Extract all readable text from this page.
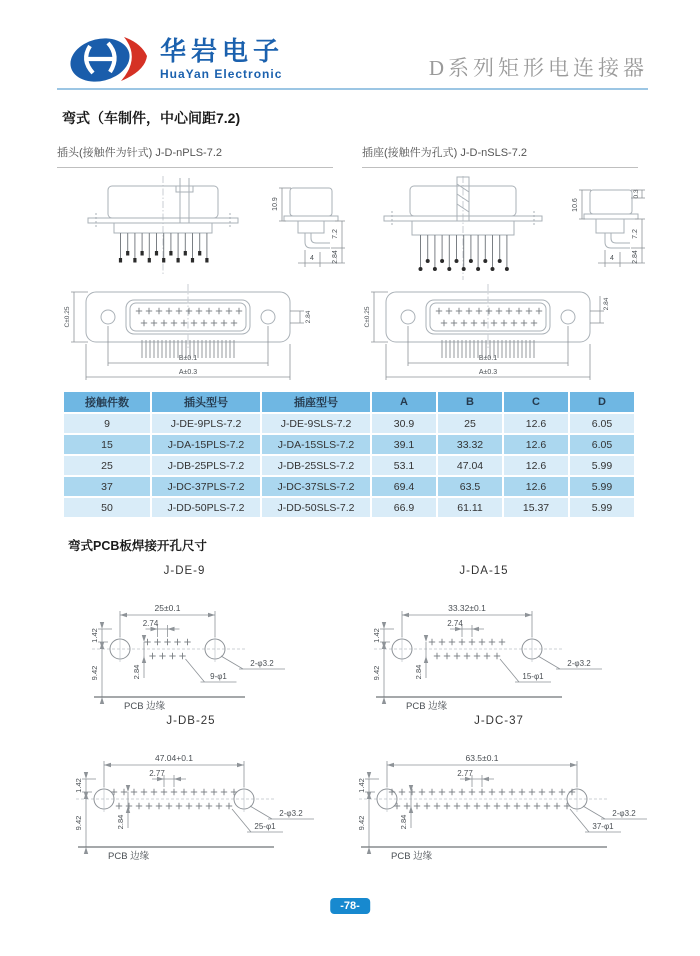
华岩电子
HuaYan Electronic	D系列矩形电连接器
弯式（车制件，中心间距7.2)
插头(接触件为针式) J-D-nPLS-7.2	插座(接触件为孔式) J-D-nSLS-7.2
10.9
7.2
4	2.84
C±0.25	2.84
B±0.1
A±0.3
10.6
0.3
7.2
4	2.84
C±0.25
2.84
B±0.1
A±0.3
接触件数	插头型号	插座型号	A	B	C	D
9	J-DE-9PLS-7.2	J-DE-9SLS-7.2	30.9	25	12.6	6.05
15	J-DA-15PLS-7.2	J-DA-15SLS-7.2	39.1	33.32	12.6	6.05
25	J-DB-25PLS-7.2	J-DB-25SLS-7.2	53.1	47.04	12.6	5.99
37	J-DC-37PLS-7.2	J-DC-37SLS-7.2	69.4	63.5	12.6	5.99
50	J-DD-50PLS-7.2	J-DD-50SLS-7.2	66.9	61.11	15.37	5.99
弯式PCB板焊接开孔尺寸
J-DE-9
25±0.1
2.74
1.42
9.42	2.84
2-φ3.2
9-φ1
PCB 边缘
J-DA-15
33.32±0.1
2.74
1.42
9.42	2.84
2-φ3.2
15-φ1
PCB 边缘
J-DB-25
47.04+0.1
2.77
1.42
9.42	2.84
2-φ3.2
25-φ1
PCB 边缘
J-DC-37
63.5±0.1
2.77
1.42
9.42	2.84
2-φ3.2
37-φ1
PCB 边缘
-78-
